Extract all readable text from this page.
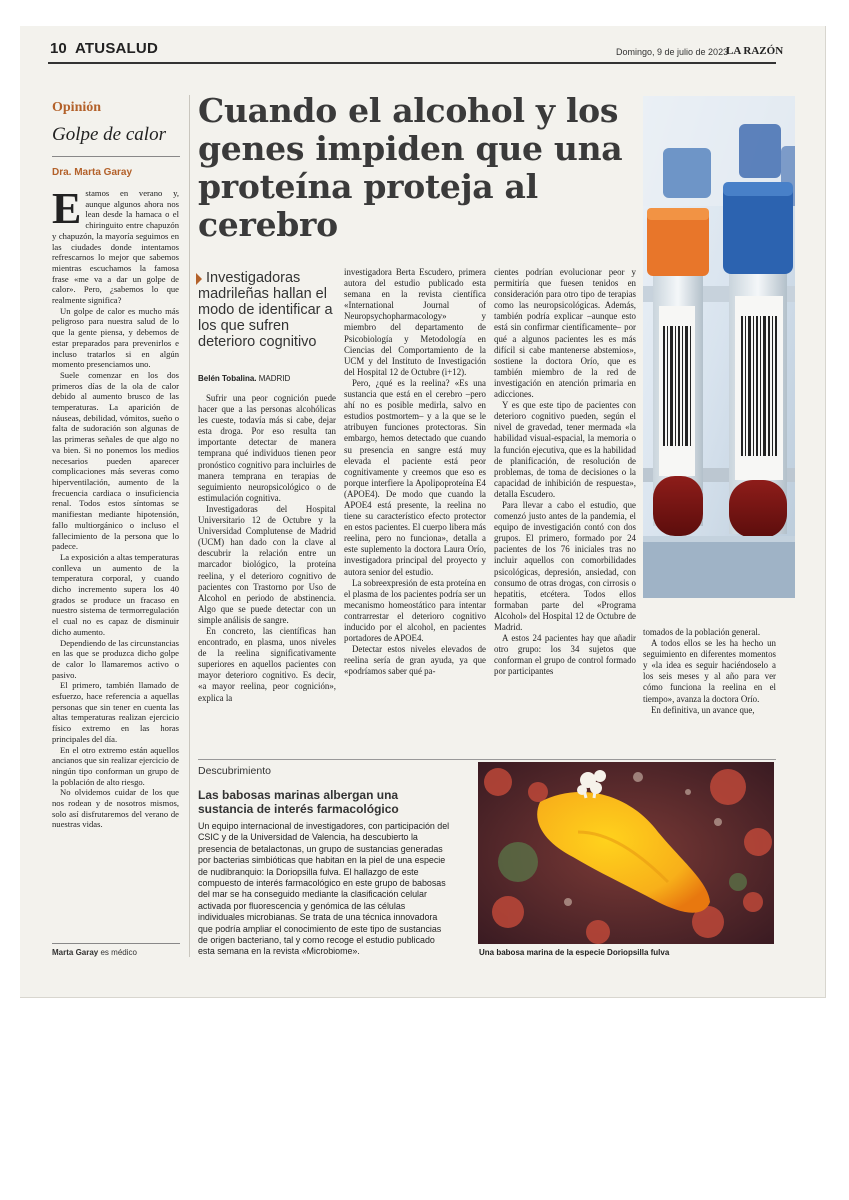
10 ATUSALUD	Domingo, 9 de julio de 2023
LA RAZÓN
Opinión
Golpe de calor
Dra. Marta Garay

Estamos en verano y, aunque algunos ahora nos lean desde la hamaca o el chiringuito entre chapuzón y chapuzón, la mayoría seguimos en las ciudades donde intentamos refrescarnos lo mejor que sabemos mientras escuchamos la famosa frase «me va a dar un golpe de calor». Pero, ¿sabemos lo que realmente significa?

Un golpe de calor es mucho más peligroso para nuestra salud de lo que la gente piensa, y debemos de estar preparados para prevenirlos e incluso tratarlos si en algún momento presenciamos uno.

Suele comenzar en los dos primeros días de la ola de calor debido al aumento brusco de las temperaturas. La aparición de náuseas, debilidad, vómitos, sueño o falta de sudoración son algunas de las primeras señales de que algo no va bien. Si no ponemos los medios necesarios pueden aparecer complicaciones más severas como hiperventilación, aumento de la frecuencia cardiaca o insuficiencia renal. Todos estos síntomas se manifiestan mediante hipotensión, fallo multiorgánico o incluso el fallecimiento de la persona que lo padece.

La exposición a altas temperaturas conlleva un aumento de la temperatura corporal, y cuando dicho incremento supera los 40 grados se produce un fracaso en nuestro sistema de termorregulación el cual no es capaz de disminuir dicho aumento.

Dependiendo de las circunstancias en las que se produzca dicho golpe de calor lo llamaremos activo o pasivo.

El primero, también llamado de esfuerzo, hace referencia a aquellas personas que sin tener en cuenta las altas temperaturas realizan ejercicio físico extremo en las horas principales del día.

En el otro extremo están aquellos ancianos que sin realizar ejercicio de ningún tipo conforman un grupo de la población de alto riesgo.

No olvidemos cuidar de los que nos rodean y de nosotros mismos, solo así disfrutaremos del verano de nuestras vidas.

Marta Garay es médico
Cuando el alcohol y los genes impiden que una proteína proteja al cerebro
Investigadoras madrileñas hallan el modo de identificar a los que sufren deterioro cognitivo
Belén Tobalina. MADRID

Sufrir una peor cognición puede hacer que a las personas alcohólicas les cueste, todavía más si cabe, dejar esta droga. Por eso resulta tan importante detectar de manera temprana qué individuos tienen peor pronóstico cognitivo para incluirles de manera temprana en terapias de seguimiento neuropsicológico o de estimulación cognitiva.

Investigadoras del Hospital Universitario 12 de Octubre y la Universidad Complutense de Madrid (UCM) han dado con la clave al descubrir la relación entre un marcador biológico, la proteína reelina, y el deterioro cognitivo de pacientes con Trastorno por Uso de Alcohol en periodo de abstinencia. Algo que se puede detectar con un simple análisis de sangre.

En concreto, las científicas han encontrado, en plasma, unos niveles de la reelina significativamente superiores en aquellos pacientes con mayor deterioro cognitivo. Es decir, «a mayor reelina, peor cognición», explica la

investigadora Berta Escudero, primera autora del estudio publicado esta semana en la revista científica «International Journal of Neuropsychopharmacology» y miembro del departamento de Psicobiología y Metodología en Ciencias del Comportamiento de la UCM y del Instituto de Investigación del Hospital 12 de Octubre (i+12).

Pero, ¿qué es la reelina? «Es una sustancia que está en el cerebro –pero ahí no es posible medirla, salvo en estudios postmortem– y a la que se le atribuyen funciones protectoras. Sin embargo, hemos detectado que cuando su presencia en sangre está muy elevada el paciente está peor cognitivamente y creemos que eso es porque interfiere la Apolipoproteína E4 (APOE4). De modo que cuando la APOE4 está presente, la reelina no tiene su característico efecto protector en estos pacientes. El cuerpo libera más reelina, pero no funciona», detalla a este suplemento la doctora Laura Orío, investigadora principal del proyecto y autora senior del estudio.

La sobreexpresión de esta proteína en el plasma de los pacientes podría ser un mecanismo homeostático para intentar contrarrestar el deterioro cognitivo inducido por el alcohol, en pacientes portadores de APOE4.

Detectar estos niveles elevados de reelina sería de gran ayuda, ya que «podríamos saber qué pa-

cientes podrían evolucionar peor y permitiría que fuesen tenidos en consideración para otro tipo de terapias como las neuropsicológicas. Además, también podría explicar –aunque esto está sin confirmar científicamente– por qué a algunos pacientes les es más difícil si cabe mantenerse abstemios», sostiene la doctora Orío, que es también miembro de la red de investigación en atención primaria en adicciones.

Y es que este tipo de pacientes con deterioro cognitivo pueden, según el nivel de gravedad, tener mermada «la habilidad visual-espacial, la memoria o la función ejecutiva, que es la habilidad de planificación, de resolución de problemas, de toma de decisiones o la capacidad de inhibición de respuesta», detalla Escudero.

Para llevar a cabo el estudio, que comenzó justo antes de la pandemia, el equipo de investigación contó con dos grupos. El primero, formado por 24 pacientes de los 76 iniciales tras no incluir aquellos con comorbilidades psicológicas, depresión, ansiedad, con consumo de otras drogas, con cirrosis o hepatitis, etcétera. Todos ellos formaban parte del «Programa Alcohol» del Hospital 12 de Octubre de Madrid.

A estos 24 pacientes hay que añadir otro grupo: los 34 sujetos que conforman el grupo de control formado por participantes

tomados de la población general.

A todos ellos se les ha hecho un seguimiento en diferentes momentos y «la idea es seguir haciéndoselo a los seis meses y al año para ver cómo funciona la reelina en el tiempo», avanza la doctora Orío.

En definitiva, un avance que,

Descubrimiento
Las babosas marinas albergan una sustancia de interés farmacológico
Un equipo internacional de investigadores, con participación del CSIC y de la Universidad de Valencia, ha descubierto la presencia de betalactonas, un grupo de sustancias generadas por bacterias simbióticas que habitan en la piel de una especie de nudibranquio: la Doriopsilla fulva. El hallazgo de este compuesto de interés farmacológico en este grupo de babosas del mar se ha conseguido mediante la clasificación celular activada por fluorescencia y genómica de las células individuales microbianas. Se trata de una técnica innovadora que podría ampliar el conocimiento de este tipo de sustancias de origen bacteriano, tal y como recoge el estudio publicado esta semana en la revista «Microbiome».	Una babosa marina de la especie Doriopsilla fulva
